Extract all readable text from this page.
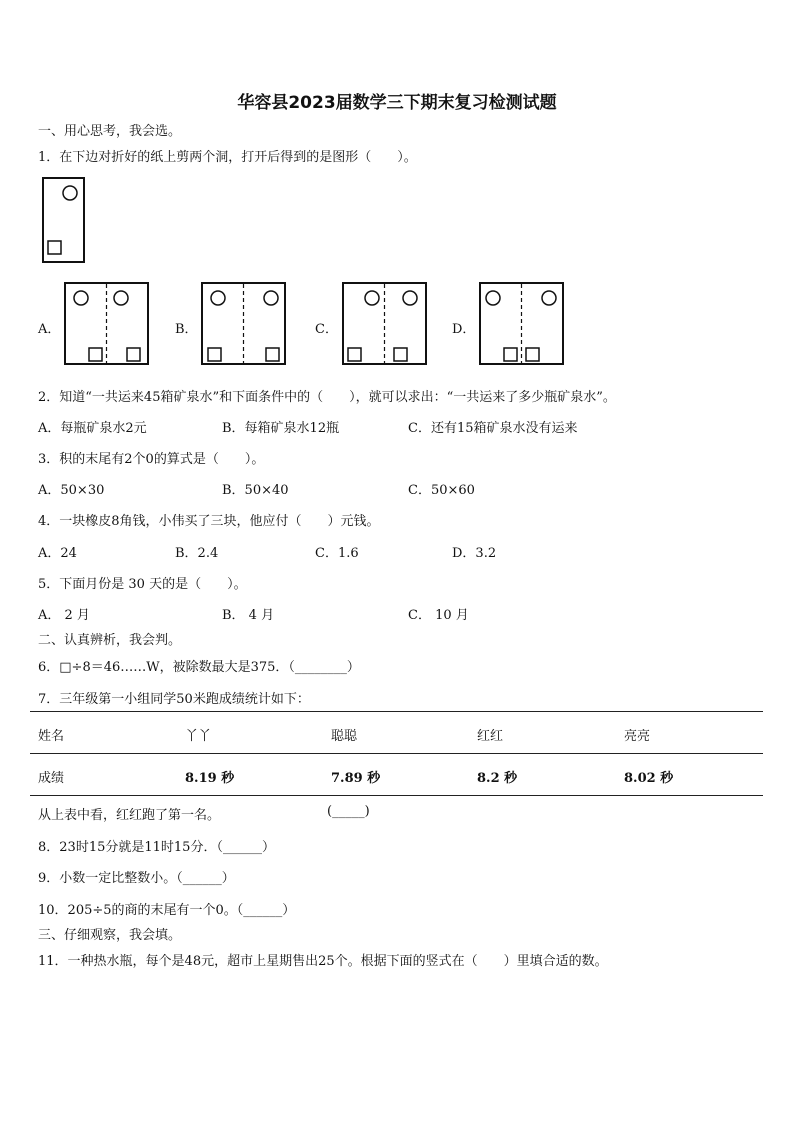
华容县2023届数学三下期末复习检测试题
一、用心思考，我会选。
1．在下边对折好的纸上剪两个洞，打开后得到的是图形（　　）。
A．	B．	C．	D．
2．知道“一共运来45箱矿泉水”和下面条件中的（　　），就可以求出：“一共运来了多少瓶矿泉水”。
A．每瓶矿泉水2元	B．每箱矿泉水12瓶	C．还有15箱矿泉水没有运来
3．积的末尾有2个0的算式是（　　）。
A．50×30	B．50×40	C．50×60
4．一块橡皮8角钱，小伟买了三块，他应付（　　）元钱。
A．24	B．2.4	C．1.6	D．3.2
5．下面月份是 30 天的是（　　）。
A． 2 月	B． 4 月	C． 10 月
二、认真辨析，我会判。
6．□÷8＝46……W，被除数最大是375．（________）
7．三年级第一小组同学50米跑成绩统计如下：
姓名	丫丫	聪聪	红红	亮亮
成绩	8.19 秒	7.89 秒	8.2 秒	8.02 秒
从上表中看，红红跑了第一名。	(_____)
8．23时15分就是11时15分．（______）
9．小数一定比整数小。（______）
10．205÷5的商的末尾有一个0。（______）
三、仔细观察，我会填。
11．一种热水瓶，每个是48元，超市上星期售出25个。根据下面的竖式在（　　）里填合适的数。
